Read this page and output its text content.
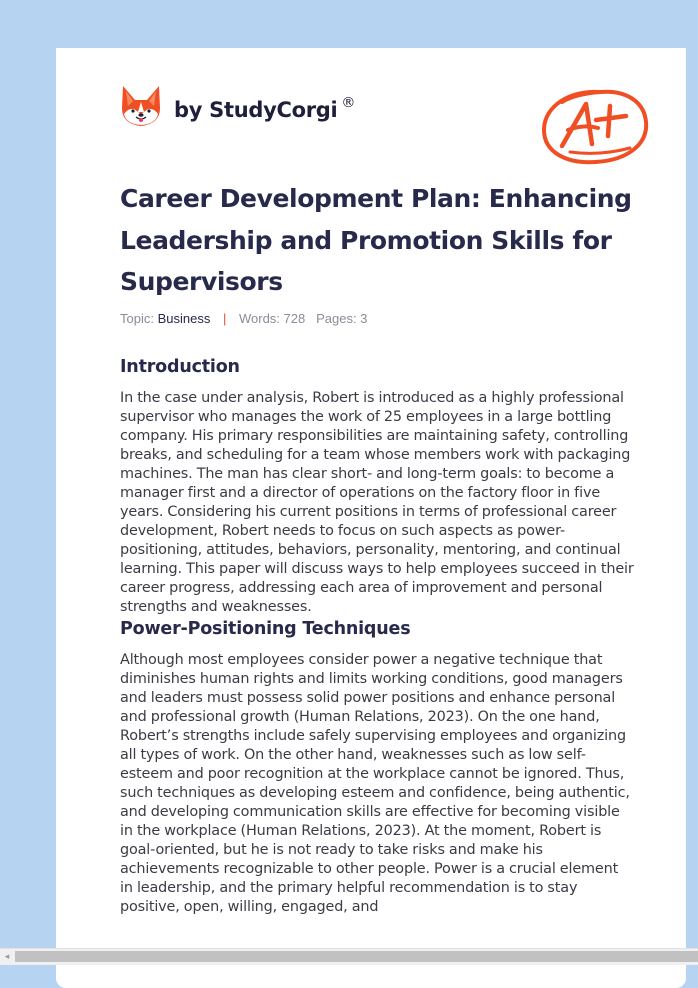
by StudyCorgi ®
Career Development Plan: Enhancing Leadership and Promotion Skills for Supervisors
Topic: Business | Words: 728 Pages: 3
Introduction

In the case under analysis, Robert is introduced as a highly professional supervisor who manages the work of 25 employees in a large bottling company. His primary responsibilities are maintaining safety, controlling breaks, and scheduling for a team whose members work with packaging machines. The man has clear short- and long-term goals: to become a manager first and a director of operations on the factory floor in five years. Considering his current positions in terms of professional career development, Robert needs to focus on such aspects as power-positioning, attitudes, behaviors, personality, mentoring, and continual learning. This paper will discuss ways to help employees succeed in their career progress, addressing each area of improvement and personal strengths and weaknesses.

Power-Positioning Techniques

Although most employees consider power a negative technique that diminishes human rights and limits working conditions, good managers and leaders must possess solid power positions and enhance personal and professional growth (Human Relations, 2023). On the one hand, Robert’s strengths include safely supervising employees and organizing all types of work. On the other hand, weaknesses such as low self-esteem and poor recognition at the workplace cannot be ignored. Thus, such techniques as developing esteem and confidence, being authentic, and developing communication skills are effective for becoming visible in the workplace (Human Relations, 2023). At the moment, Robert is goal-oriented, but he is not ready to take risks and make his achievements recognizable to other people. Power is a crucial element in leadership, and the primary helpful recommendation is to stay positive, open, willing, engaged, and

◂
